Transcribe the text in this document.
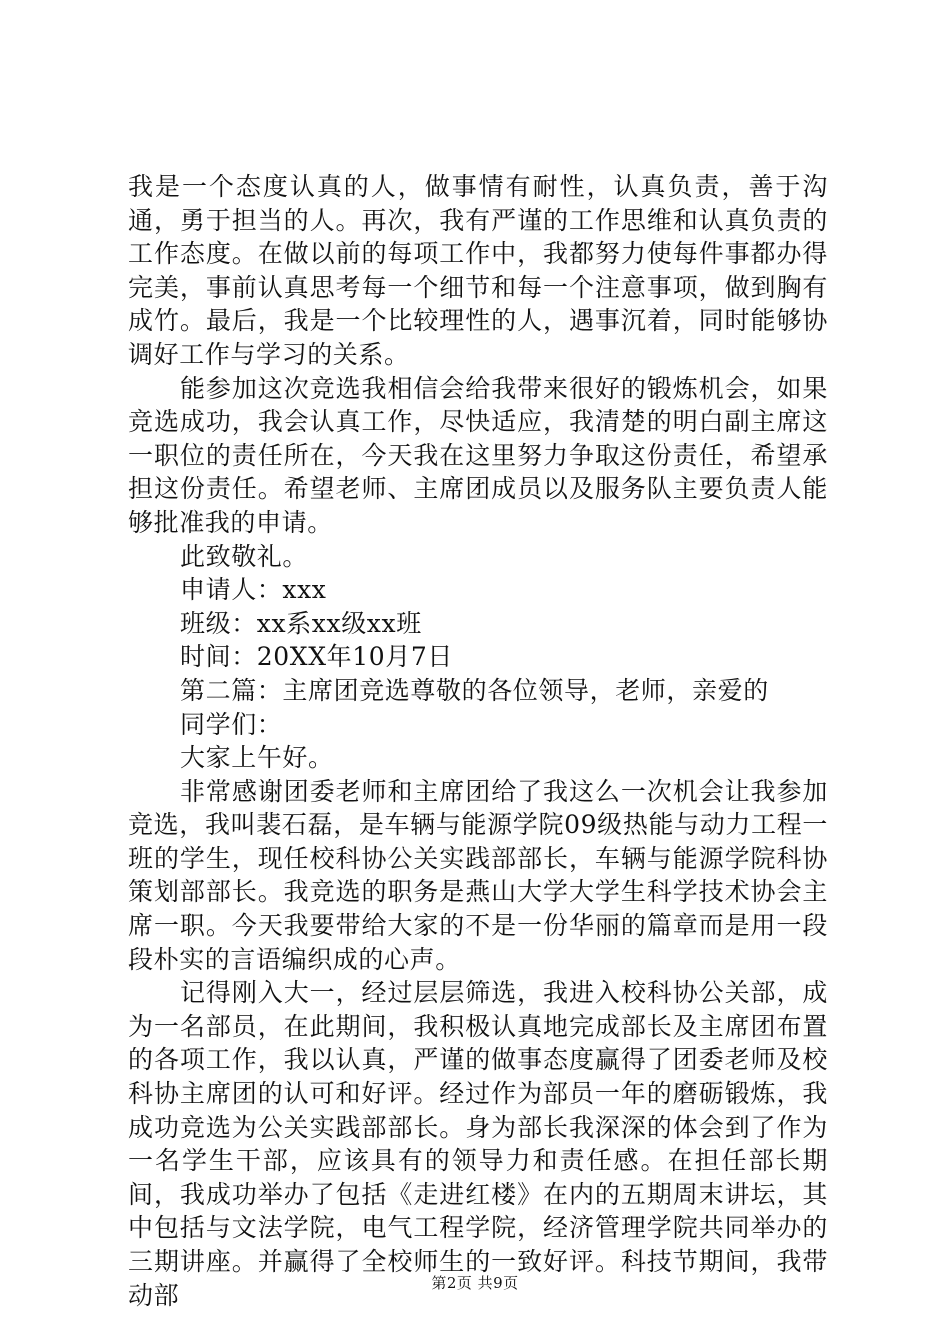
我是一个态度认真的人，做事情有耐性，认真负责，善于沟通，勇于担当的人。再次，我有严谨的工作思维和认真负责的工作态度。在做以前的每项工作中，我都努力使每件事都办得完美，事前认真思考每一个细节和每一个注意事项，做到胸有成竹。最后，我是一个比较理性的人，遇事沉着，同时能够协调好工作与学习的关系。

能参加这次竞选我相信会给我带来很好的锻炼机会，如果竞选成功，我会认真工作，尽快适应，我清楚的明白副主席这一职位的责任所在，今天我在这里努力争取这份责任，希望承担这份责任。希望老师、主席团成员以及服务队主要负责人能够批准我的申请。

此致敬礼。

申请人：xxx

班级：xx系xx级xx班

时间：20XX年10月7日

第二篇：主席团竞选尊敬的各位领导，老师，亲爱的

同学们：

大家上午好。

非常感谢团委老师和主席团给了我这么一次机会让我参加竞选，我叫裴石磊，是车辆与能源学院09级热能与动力工程一班的学生，现任校科协公关实践部部长，车辆与能源学院科协策划部部长。我竞选的职务是燕山大学大学生科学技术协会主席一职。今天我要带给大家的不是一份华丽的篇章而是用一段段朴实的言语编织成的心声。

记得刚入大一，经过层层筛选，我进入校科协公关部，成为一名部员，在此期间，我积极认真地完成部长及主席团布置的各项工作，我以认真，严谨的做事态度赢得了团委老师及校科协主席团的认可和好评。经过作为部员一年的磨砺锻炼，我成功竞选为公关实践部部长。身为部长我深深的体会到了作为一名学生干部，应该具有的领导力和责任感。在担任部长期间，我成功举办了包括《走进红楼》在内的五期周末讲坛，其中包括与文法学院，电气工程学院，经济管理学院共同举办的三期讲座。并赢得了全校师生的一致好评。科技节期间，我带动部	第2页 共9页
